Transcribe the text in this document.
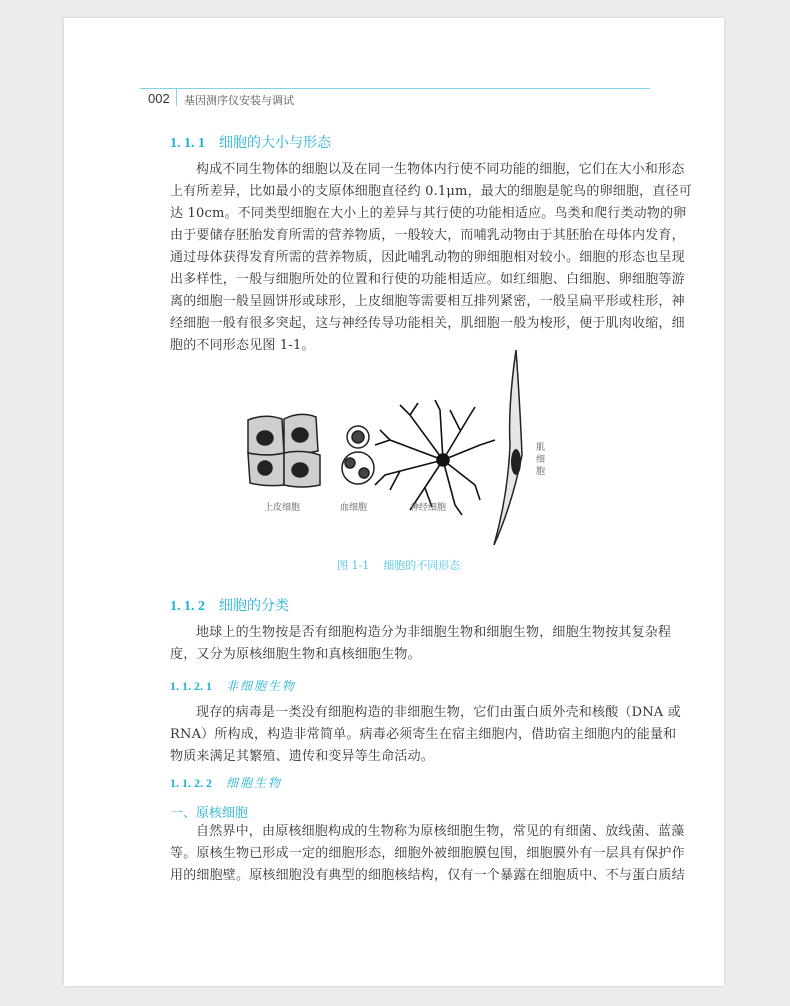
002 基因测序仪安装与调试
1. 1. 1 细胞的大小与形态
构成不同生物体的细胞以及在同一生物体内行使不同功能的细胞，它们在大小和形态
上有所差异，比如最小的支原体细胞直径约 0.1μm，最大的细胞是鸵鸟的卵细胞，直径可
达 10cm。不同类型细胞在大小上的差异与其行使的功能相适应。鸟类和爬行类动物的卵
由于要储存胚胎发育所需的营养物质，一般较大，而哺乳动物由于其胚胎在母体内发育，
通过母体获得发育所需的营养物质，因此哺乳动物的卵细胞相对较小。细胞的形态也呈现
出多样性，一般与细胞所处的位置和行使的功能相适应。如红细胞、白细胞、卵细胞等游
离的细胞一般呈圆饼形或球形，上皮细胞等需要相互排列紧密，一般呈扁平形或柱形，神
经细胞一般有很多突起，这与神经传导功能相关，肌细胞一般为梭形，便于肌肉收缩，细
胞的不同形态见图 1-1。
上皮细胞	血细胞	神经细胞
肌细胞
图 1-1 细胞的不同形态
1. 1. 2 细胞的分类
地球上的生物按是否有细胞构造分为非细胞生物和细胞生物，细胞生物按其复杂程
度，又分为原核细胞生物和真核细胞生物。
1. 1. 2. 1 非细胞生物
现存的病毒是一类没有细胞构造的非细胞生物，它们由蛋白质外壳和核酸（DNA 或
RNA）所构成，构造非常简单。病毒必须寄生在宿主细胞内，借助宿主细胞内的能量和
物质来满足其繁殖、遗传和变异等生命活动。
1. 1. 2. 2 细胞生物
一、原核细胞
自然界中，由原核细胞构成的生物称为原核细胞生物，常见的有细菌、放线菌、蓝藻
等。原核生物已形成一定的细胞形态，细胞外被细胞膜包围，细胞膜外有一层具有保护作
用的细胞壁。原核细胞没有典型的细胞核结构，仅有一个暴露在细胞质中、不与蛋白质结
